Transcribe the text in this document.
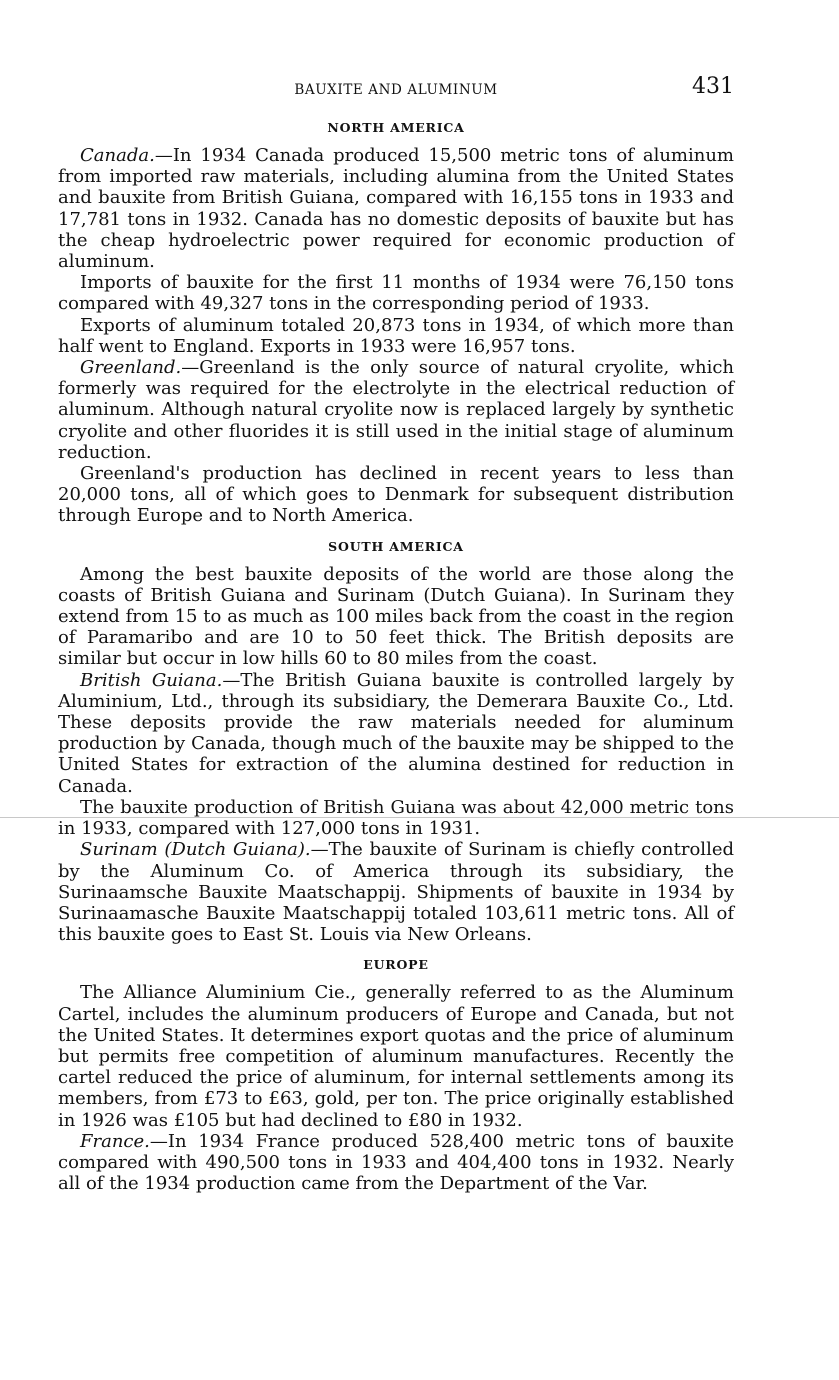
BAUXITE AND ALUMINUM	431
NORTH AMERICA

Canada.—In 1934 Canada produced 15,500 metric tons of aluminum from imported raw materials, including alumina from the United States and bauxite from British Guiana, compared with 16,155 tons in 1933 and 17,781 tons in 1932. Canada has no domestic deposits of bauxite but has the cheap hydroelectric power required for economic production of aluminum.

Imports of bauxite for the first 11 months of 1934 were 76,150 tons compared with 49,327 tons in the corresponding period of 1933.

Exports of aluminum totaled 20,873 tons in 1934, of which more than half went to England. Exports in 1933 were 16,957 tons.

Greenland.—Greenland is the only source of natural cryolite, which formerly was required for the electrolyte in the electrical reduction of aluminum. Although natural cryolite now is replaced largely by synthetic cryolite and other fluorides it is still used in the initial stage of aluminum reduction.

Greenland's production has declined in recent years to less than 20,000 tons, all of which goes to Denmark for subsequent distribution through Europe and to North America.

SOUTH AMERICA

Among the best bauxite deposits of the world are those along the coasts of British Guiana and Surinam (Dutch Guiana). In Surinam they extend from 15 to as much as 100 miles back from the coast in the region of Paramaribo and are 10 to 50 feet thick. The British deposits are similar but occur in low hills 60 to 80 miles from the coast.

British Guiana.—The British Guiana bauxite is controlled largely by Aluminium, Ltd., through its subsidiary, the Demerara Bauxite Co., Ltd. These deposits provide the raw materials needed for aluminum production by Canada, though much of the bauxite may be shipped to the United States for extraction of the alumina destined for reduction in Canada.

The bauxite production of British Guiana was about 42,000 metric tons in 1933, compared with 127,000 tons in 1931.

Surinam (Dutch Guiana).—The bauxite of Surinam is chiefly controlled by the Aluminum Co. of America through its subsidiary, the Surinaamsche Bauxite Maatschappij. Shipments of bauxite in 1934 by Surinaamasche Bauxite Maatschappij totaled 103,611 metric tons. All of this bauxite goes to East St. Louis via New Orleans.

EUROPE

The Alliance Aluminium Cie., generally referred to as the Aluminum Cartel, includes the aluminum producers of Europe and Canada, but not the United States. It determines export quotas and the price of aluminum but permits free competition of aluminum manufactures. Recently the cartel reduced the price of aluminum, for internal settlements among its members, from £73 to £63, gold, per ton. The price originally established in 1926 was £105 but had declined to £80 in 1932.

France.—In 1934 France produced 528,400 metric tons of bauxite compared with 490,500 tons in 1933 and 404,400 tons in 1932. Nearly all of the 1934 production came from the Department of the Var.
